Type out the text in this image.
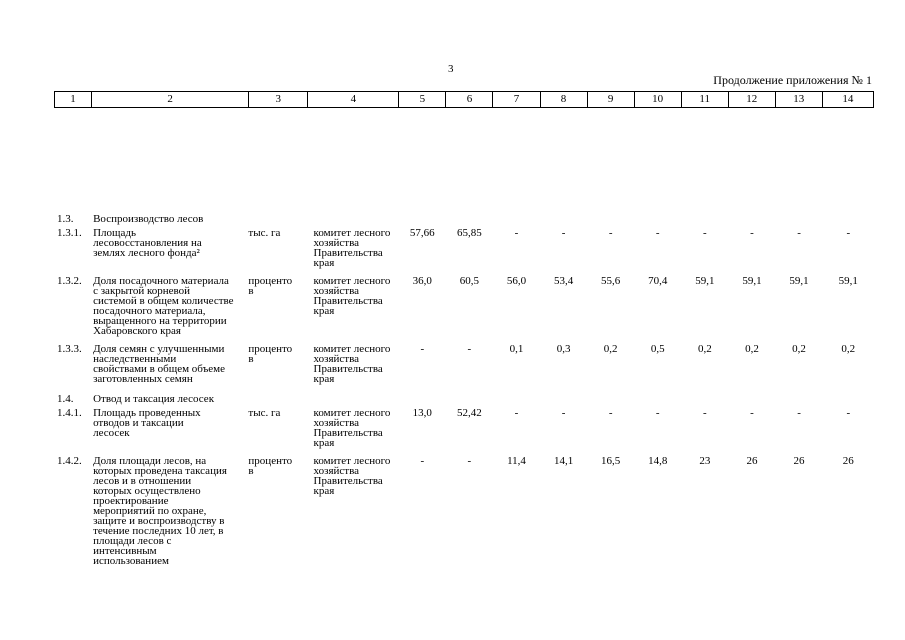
3
Продолжение приложения № 1
1	2	3	4	5	6	7	8	9	10	11	12	13	14
1.3.	Воспроизводство лесов												
1.3.1.	Площадь лесовосстановления на землях лесного фонда²	тыс. га	комитет лесного хозяйства Правительства края	57,66	65,85	-	-	-	-	-	-	-	-
1.3.2.	Доля посадочного материала с закрытой корневой системой в общем количестве посадочного материала, выращенного на территории Хабаровского края	процентов	комитет лесного хозяйства Правительства края	36,0	60,5	56,0	53,4	55,6	70,4	59,1	59,1	59,1	59,1
1.3.3.	Доля семян с улучшенными наследственными свойствами в общем объеме заготовленных семян	процентов	комитет лесного хозяйства Правительства края	-	-	0,1	0,3	0,2	0,5	0,2	0,2	0,2	0,2
1.4.	Отвод и таксация лесосек												
1.4.1.	Площадь проведенных отводов и таксации лесосек	тыс. га	комитет лесного хозяйства Правительства края	13,0	52,42	-	-	-	-	-	-	-	-
1.4.2.	Доля площади лесов, на которых проведена таксация лесов и в отношении которых осуществлено проектирование мероприятий по охране, защите и воспроизводству в течение последних 10 лет, в площади лесов с интенсивным использованием	процентов	комитет лесного хозяйства Правительства края	-	-	11,4	14,1	16,5	14,8	23	26	26	26
